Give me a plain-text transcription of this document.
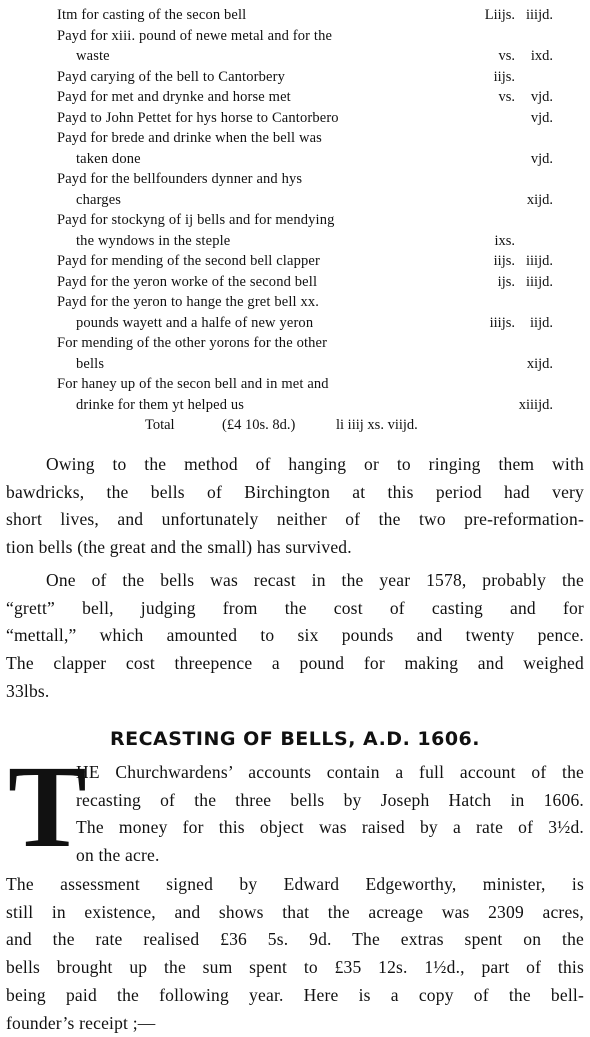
Itm for casting of the secon bell	Liijs. iiijd.
Payd for xiii. pound of newe metal and for the
waste	vs. ixd.
Payd carying of the bell to Cantorbery	iijs.
Payd for met and drynke and horse met	vs. vjd.
Payd to John Pettet for hys horse to Cantorbero	vjd.
Payd for brede and drinke when the bell was
taken done	vjd.
Payd for the bellfounders dynner and hys
charges	xijd.
Payd for stockyng of ij bells and for mendying
the wyndows in the steple	ixs.
Payd for mending of the second bell clapper	iijs. iiijd.
Payd for the yeron worke of the second bell	ijs. iiijd.
Payd for the yeron to hange the gret bell xx.
pounds wayett and a halfe of new yeron	iiijs. iijd.
For mending of the other yorons for the other
bells	xijd.
For haney up of the secon bell and in met and
drinke for them yt helped us	xiiijd.
Total	(£4 10s. 8d.)	li iiij xs. viijd.
Owing to the method of hanging or to ringing them with
bawdricks, the bells of Birchington at this period had very
short lives, and unfortunately neither of the two pre-reformation-
tion bells (the great and the small) has survived.
One of the bells was recast in the year 1578, probably the
“grett” bell, judging from the cost of casting and for
“mettall,” which amounted to six pounds and twenty pence.
The clapper cost threepence a pound for making and weighed
33lbs.
RECASTING OF BELLS, A.D. 1606.
T
HE Churchwardens’ accounts contain a full account of the
recasting of the three bells by Joseph Hatch in 1606.
The money for this object was raised by a rate of 3½d.
on the acre.
The assessment signed by Edward Edgeworthy, minister, is
still in existence, and shows that the acreage was 2309 acres,
and the rate realised £36 5s. 9d. The extras spent on the
bells brought up the sum spent to £35 12s. 1½d., part of this
being paid the following year. Here is a copy of the bell-
founder’s receipt ;—
